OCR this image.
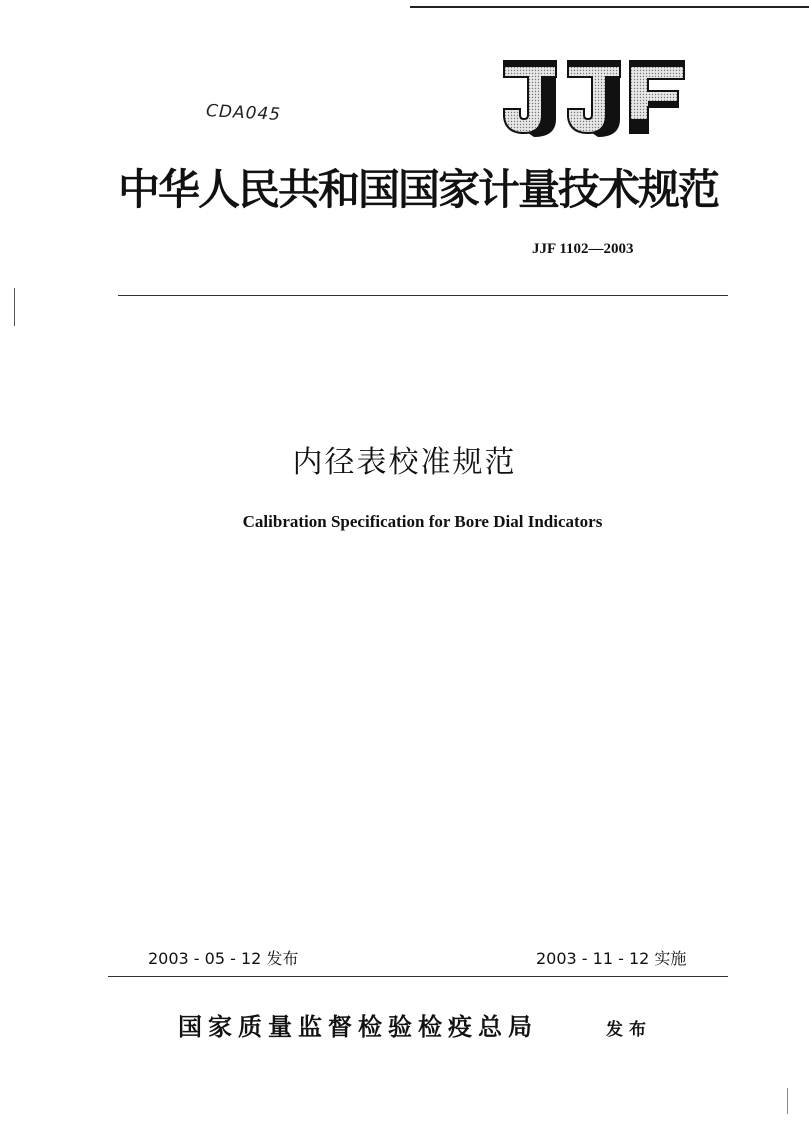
CDA045
中华人民共和国国家计量技术规范
JJF 1102—2003
内径表校准规范
Calibration Specification for Bore Dial Indicators
2003 - 05 - 12 发布	2003 - 11 - 12 实施
国家质量监督检验检疫总局	发布
